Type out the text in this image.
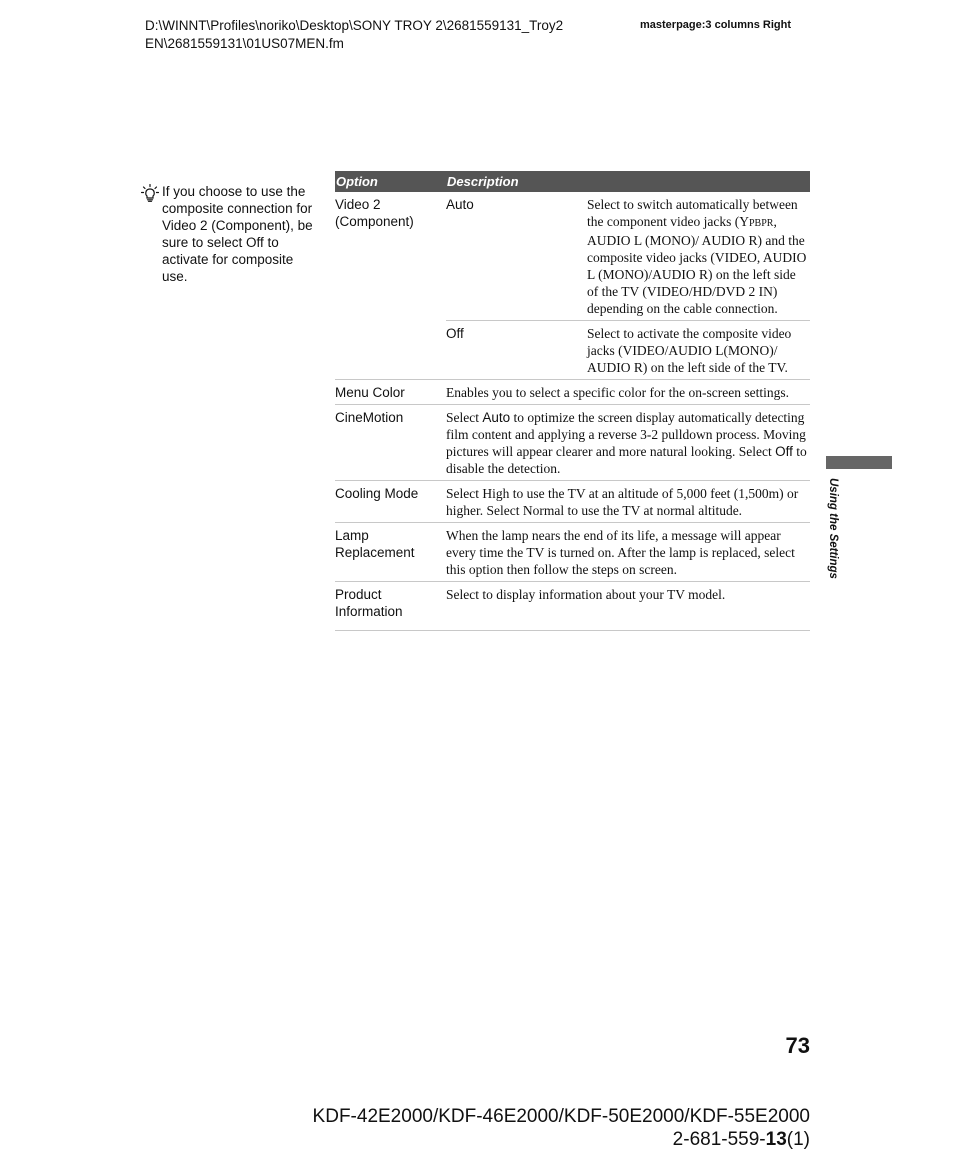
D:\WINNT\Profiles\noriko\Desktop\SONY TROY 2\2681559131_Troy2
EN\2681559131\01US07MEN.fm
masterpage:3 columns Right
If you choose to use the composite connection for Video 2 (Component), be sure to select Off to activate for composite use.
Option	Description	
Video 2 (Component)	Auto	Select to switch automatically between the component video jacks (YPBPR, AUDIO L (MONO)/ AUDIO R) and the composite video jacks (VIDEO, AUDIO L (MONO)/AUDIO R) on the left side of the TV (VIDEO/HD/DVD 2 IN) depending on the cable connection.
	Off	Select to activate the composite video jacks (VIDEO/AUDIO L(MONO)/ AUDIO R) on the left side of the TV.
Menu Color	Enables you to select a specific color for the on-screen settings.	
CineMotion	Select Auto to optimize the screen display automatically detecting film content and applying a reverse 3-2 pulldown process. Moving pictures will appear clearer and more natural looking. Select Off to disable the detection.	
Cooling Mode	Select High to use the TV at an altitude of 5,000 feet (1,500m) or higher. Select Normal to use the TV at normal altitude.	
Lamp Replacement	When the lamp nears the end of its life, a message will appear every time the TV is turned on. After the lamp is replaced, select this option then follow the steps on screen.	
Product Information	Select to display information about your TV model.	
Using the Settings
73
KDF-42E2000/KDF-46E2000/KDF-50E2000/KDF-55E2000
2-681-559-13(1)
